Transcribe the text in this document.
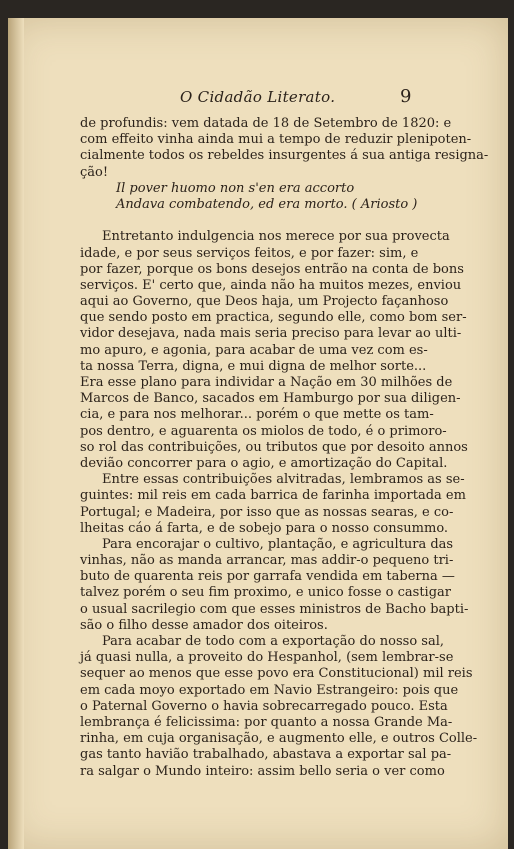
O Cidadão Literato.	9
de profundis: vem datada de 18 de Setembro de 1820: e
com effeito vinha ainda mui a tempo de reduzir plenipoten-
cialmente todos os rebeldes insurgentes á sua antiga resigna-
ção!
Il pover huomo non s'en era accorto
Andava combatendo, ed era morto. ( Ariosto )
Entretanto indulgencia nos merece por sua provecta
idade, e por seus serviços feitos, e por fazer: sim, e
por fazer, porque os bons desejos entrão na conta de bons
serviços. E' certo que, ainda não ha muitos mezes, enviou
aqui ao Governo, que Deos haja, um Projecto façanhoso
que sendo posto em practica, segundo elle, como bom ser-
vidor desejava, nada mais seria preciso para levar ao ulti-
mo apuro, e agonia, para acabar de uma vez com es-
ta nossa Terra, digna, e mui digna de melhor sorte...
Era esse plano para individar a Nação em 30 milhões de
Marcos de Banco, sacados em Hamburgo por sua diligen-
cia, e para nos melhorar... porém o que mette os tam-
pos dentro, e aguarenta os miolos de todo, é o primoro-
so rol das contribuições, ou tributos que por desoito annos
devião concorrer para o agio, e amortização do Capital.
Entre essas contribuições alvitradas, lembramos as se-
guintes: mil reis em cada barrica de farinha importada em
Portugal; e Madeira, por isso que as nossas searas, e co-
lheitas cáo á farta, e de sobejo para o nosso consummo.
Para encorajar o cultivo, plantação, e agricultura das
vinhas, não as manda arrancar, mas addir-o pequeno tri-
buto de quarenta reis por garrafa vendida em taberna —
talvez porém o seu fim proximo, e unico fosse o castigar
o usual sacrilegio com que esses ministros de Bacho bapti-
são o filho desse amador dos oiteiros.
Para acabar de todo com a exportação do nosso sal,
já quasi nulla, a proveito do Hespanhol, (sem lembrar-se
sequer ao menos que esse povo era Constitucional) mil reis
em cada moyo exportado em Navio Estrangeiro: pois que
o Paternal Governo o havia sobrecarregado pouco. Esta
lembrança é felicissima: por quanto a nossa Grande Ma-
rinha, em cuja organisação, e augmento elle, e outros Colle-
gas tanto havião trabalhado, abastava a exportar sal pa-
ra salgar o Mundo inteiro: assim bello seria o ver como
